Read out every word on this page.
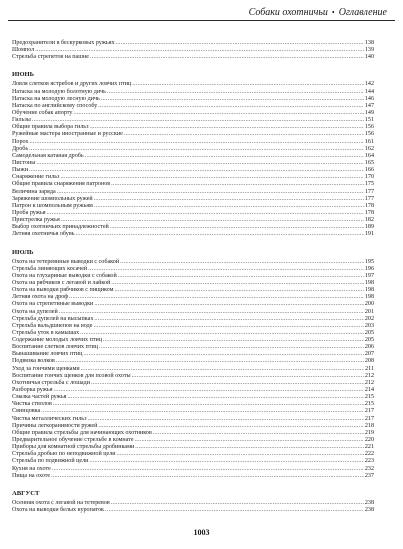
Собаки охотничьи • Оглавление
Предохранители в бескурковых ружьях .....	138
Шомпол .....	139
Стрельба стрепетов на пашне .....	140
ИЮНЬ
Ловля слетков ястребов и других ловчих птиц .....	142
Натаска на молодую болотную дичь .....	144
Натаска на молодую лесную дичь .....	146
Натаска по английскому способу .....	147
Обучение собак апорту .....	149
Гильзы .....	151
Общие правила выбора гильз .....	156
Ружейные мастера иностранные и русские .....	156
Порох .....	161
Дробь .....	162
Самодельная катаная дробь .....	164
Пистоны .....	165
Пыжи .....	166
Снаряжение гильз .....	170
Общие правила снаряжения патронов .....	175
Величина заряда .....	177
Заряжение шомпольных ружей .....	177
Патрон к шомпольным ружьям .....	178
Проба ружья .....	178
Пристрелка ружья .....	182
Выбор охотничьих принадлежностей .....	189
Летняя охотничья обувь .....	191
ИЮЛЬ
Охота на тетеревиные выводки с собакой .....	195
Стрельба линяющих косачей .....	196
Охота на глухариные выводки с собакой .....	197
Охота на рябчиков с легавой и лайкой .....	198
Охота на выводки рябчиков с пищиком .....	198
Летняя охота на дроф .....	198
Охота на стрепетиные выводки .....	200
Охота на дупелей .....	201
Стрельба дупелей на высыпках .....	202
Стрельба вальдшнепов на воде .....	203
Стрельба уток в камышах .....	205
Содержание молодых ловчих птиц .....	205
Воспитание слетков ловчих птиц .....	206
Вынашивание ловчих птиц .....	207
Подвязка волков .....	208
Уход за гончими щенками .....	211
Воспитание гончих щенков для псовой охоты .....	212
Охотничья стрельба с лошади .....	212
Разборка ружья .....	214
Смазка частей ружья .....	215
Чистка стволов .....	215
Свинцовка .....	217
Чистка металлических гильз .....	217
Причины легкоранимости ружей .....	218
Общие правила стрельбы для начинающих охотников .....	219
Предварительное обучение стрельбе в комнате .....	220
Приборы для комнатной стрельбы дробинками .....	221
Стрельба дробью по неподвижной цели .....	222
Стрельба по подвижной цели .....	223
Кухня на охоте .....	232
Пища на охоте .....	237
АВГУСТ
Осенняя охота с легавой на тетеревов .....	238
Охота на выводки белых куропаток .....	238
1003
